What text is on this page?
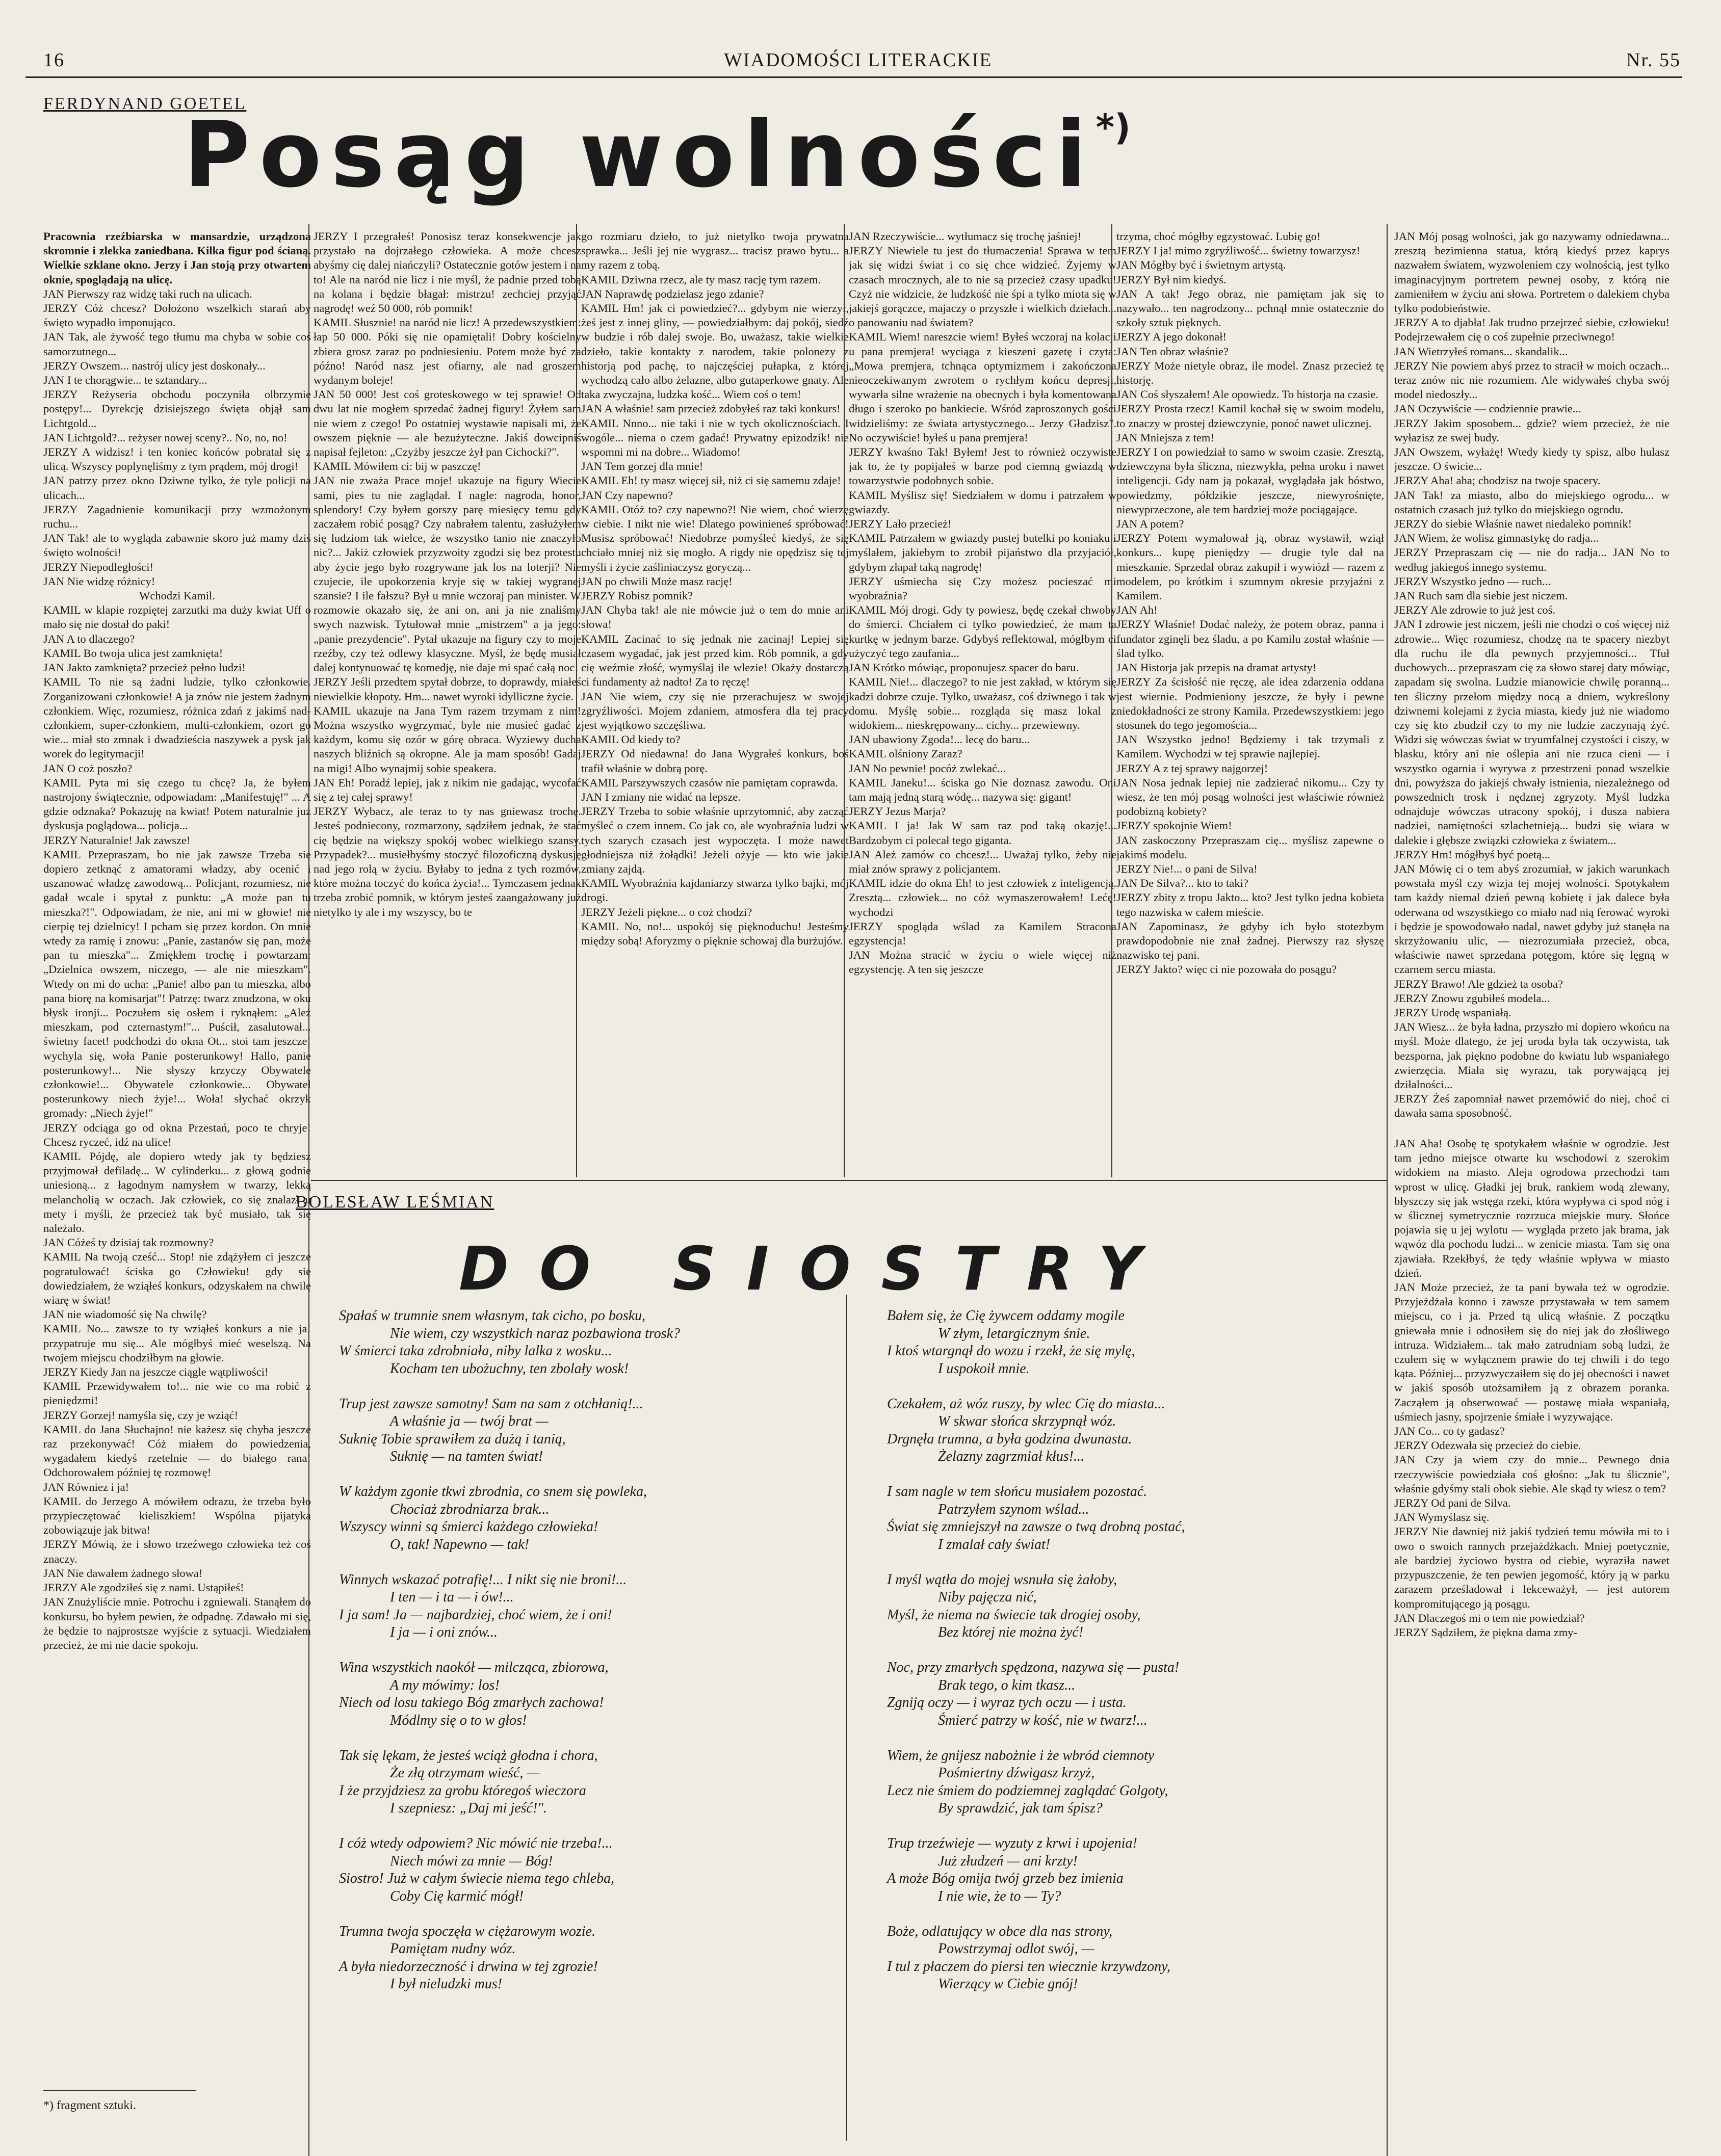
16	WIADOMOŚCI LITERACKIE	Nr. 55
FERDYNAND GOETEL
Posąg wolności*)

Pracownia rzeźbiarska w mansardzie, urządzona skromnie i zlekka zaniedbana. Kilka figur pod ścianą. Wielkie szklane okno. Jerzy i Jan stoją przy otwartem oknie, spoglądają na ulicę.

JAN Pierwszy raz widzę taki ruch na ulicach.

JERZY Cóż chcesz? Dołożono wszelkich starań aby święto wypadło imponująco.

JAN Tak, ale żywość tego tłumu ma chyba w sobie coś samorzutnego...

JERZY Owszem... nastrój ulicy jest doskonały...

JAN I te chorągwie... te sztandary...

JERZY Reżyseria obchodu poczyniła olbrzymie postępy!... Dyrekcję dzisiejszego święta objął sam Lichtgold...

JAN Lichtgold?... reżyser nowej sceny?.. No, no, no!

JERZY A widzisz! i ten koniec końców pobratał się z ulicą. Wszyscy poplynęliśmy z tym prądem, mój drogi!

JAN patrzy przez okno Dziwne tylko, że tyle policji na ulicach...

JERZY Zagadnienie komunikacji przy wzmożonym ruchu...

JAN Tak! ale to wygląda zabawnie skoro już mamy dziś święto wolności!

JERZY Niepodległości!

JAN Nie widzę różnicy!

Wchodzi Kamil.

KAMIL w klapie rozpiętej zarzutki ma duży kwiat Uff o mało się nie dostał do paki!

JAN A to dlaczego?

KAMIL Bo twoja ulica jest zamknięta!

JAN Jakto zamknięta? przecież pełno ludzi!

KAMIL To nie są żadni ludzie, tylko członkowie. Zorganizowani członkowie! A ja znów nie jestem żadnym członkiem. Więc, rozumiesz, różnica zdań z jakimś nad-członkiem, super-członkiem, multi-członkiem, ozort go wie... miał sto zmnak i dwadzieścia naszywek a pysk jak worek do legitymacji!

JAN O coż poszło?

KAMIL Pyta mi się czego tu chcę? Ja, że byłem nastrojony świątecznie, odpowiadam: „Manifestuję!" ... A gdzie odznaka? Pokazuję na kwiat! Potem naturalnie już dyskusja poglądowa... policja...

JERZY Naturalnie! Jak zawsze!

KAMIL Przepraszam, bo nie jak zawsze Trzeba się dopiero zetknąć z amatorami władzy, aby ocenić i uszanować władzę zawodową... Policjant, rozumiesz, nie gadał wcale i spytał z punktu: „A może pan tu mieszka?!". Odpowiadam, że nie, ani mi w głowie! nie cierpię tej dzielnicy! I pcham się przez kordon. On mnie wtedy za ramię i znowu: „Panie, zastanów się pan, może pan tu mieszka"... Zmiękłem trochę i powtarzam: „Dzielnica owszem, niczego, — ale nie mieszkam". Wtedy on mi do ucha: „Panie! albo pan tu mieszka, albo pana biorę na komisarjat"! Patrzę: twarz znudzona, w oku błysk ironji... Poczułem się osłem i ryknąłem: „Ależ mieszkam, pod czternastym!"... Puścił, zasalutował... świetny facet! podchodzi do okna Ot... stoi tam jeszcze! wychyla się, woła Panie posterunkowy! Hallo, panie posterunkowy!... Nie słyszy krzyczy Obywatele członkowie!... Obywatele członkowie... Obywatel posterunkowy niech żyje!... Woła! słychać okrzyk gromady: „Niech żyje!"

JERZY odciąga go od okna Przestań, poco te chryje! Chcesz ryczeć, idź na ulice!

KAMIL Pójdę, ale dopiero wtedy jak ty będziesz przyjmował defiladę... W cylinderku... z głową godnie uniesioną... z łagodnym namysłem w twarzy, lekką melancholią w oczach. Jak człowiek, co się znalazł u mety i myśli, że przecież tak być musiało, tak się należało.

JAN Cóżeś ty dzisiaj tak rozmowny?

KAMIL Na twoją cześć... Stop! nie zdążyłem ci jeszcze pogratulować! ściska go Człowieku! gdy się dowiedziałem, że wziąłeś konkurs, odzyskałem na chwilę wiarę w świat!

JAN nie wiadomość się Na chwilę?

KAMIL No... zawsze to ty wziąłeś konkurs a nie ja! przypatruje mu się... Ale mógłbyś mieć weselszą. Na twojem miejscu chodziłbym na głowie.

JERZY Kiedy Jan na jeszcze ciągle wątpliwości!

KAMIL Przewidywałem to!... nie wie co ma robić z pieniędzmi!

JERZY Gorzej! namyśla się, czy je wziąć!

KAMIL do Jana Słuchajno! nie każesz się chyba jeszcze raz przekonywać! Cóż miałem do powiedzenia, wygadałem kiedyś rzetelnie — do białego rana! Odchorowałem później tę rozmowę!

JAN Równiez i ja!

KAMIL do Jerzego A mówiłem odrazu, że trzeba było przypieczętować kieliszkiem! Wspólna pijatyka zobowiązuje jak bitwa!

JERZY Mówią, że i słowo trzeźwego człowieka też coś znaczy.

JAN Nie dawałem żadnego słowa!

JERZY Ale zgodziłeś się z nami. Ustąpiłeś!

JAN Znużyliście mnie. Potrochu i zgniewali. Stanąłem do konkursu, bo byłem pewien, że odpadnę. Zdawało mi się, że będzie to najprostsze wyjście z sytuacji. Wiedziałem przecież, że mi nie dacie spokoju.

JERZY I przegrałeś! Ponosisz teraz konsekwencje jak przystało na dojrzałego człowieka. A może chcesz abyśmy cię dalej niańczyli? Ostatecznie gotów jestem i na to! Ale na naród nie licz i nie myśl, że padnie przed tobą na kolana i będzie błagał: mistrzu! zechciej przyjąć nagrodę! weź 50 000, rób pomnik!

KAMIL Słusznie! na naród nie licz! A przedewszystkiem: łap 50 000. Póki się nie opamiętali! Dobry kościelny zbiera grosz zaraz po podniesieniu. Potem może być za późno! Naród nasz jest ofiarny, ale nad groszem wydanym boleje!

JAN 50 000! Jest coś groteskowego w tej sprawie! Od dwu lat nie mogłem sprzedać żadnej figury! Żyłem sam nie wiem z czego! Po ostatniej wystawie napisali mi, że owszem pięknie — ale bezużyteczne. Jakiś dowcipniś napisał fejleton: „Czyżby jeszcze żył pan Cichocki?".

KAMIL Mówiłem ci: bij w paszczę!

JAN nie zważa Prace moje! ukazuje na figury Wiecie sami, pies tu nie zaglądał. I nagle: nagroda, honor, splendory! Czy byłem gorszy parę miesięcy temu gdy zaczałem robić posąg? Czy nabrałem talentu, zasłużyłem się ludziom tak wielce, że wszystko tanio nie znaczyło nic?... Jakiż człowiek przyzwoity zgodzi się bez protestu aby życie jego było rozgrywane jak los na loterji? Nie czujecie, ile upokorzenia kryje się w takiej wygranej szansie? I ile fałszu? Był u mnie wczoraj pan minister. W rozmowie okazało się, że ani on, ani ja nie znaliśmy swych nazwisk. Tytułował mnie „mistrzem" a ja jego: „panie prezydencie". Pytał ukazuje na figury czy to moje rzeźby, czy też odlewy klasyczne. Myśl, że będę musiał dalej kontynuować tę komedję, nie daje mi spać całą noc!

JERZY Jeśli przedtem spytał dobrze, to doprawdy, miałeś niewielkie kłopoty. Hm... nawet wyroki idylliczne życie.

KAMIL ukazuje na Jana Tym razem trzymam z nim! Można wszystko wygrzymać, byle nie musieć gadać z każdym, komu się ozór w górę obraca. Wyziewy ducha naszych bliźnich są okropne. Ale ja mam sposób! Gadaj na migi! Albo wynajmij sobie speakera.

JAN Eh! Poradź lepiej, jak z nikim nie gadając, wycofać się z tej całej sprawy!

JERZY Wybacz, ale teraz to ty nas gniewasz trochę. Jesteś podniecony, rozmarzony, sądziłem jednak, że stać cię będzie na większy spokój wobec wielkiego szansy. Przypadek?... musiełbyśmy stoczyć filozoficzną dyskusję nad jego rolą w życiu. Byłaby to jedna z tych rozmów, które można toczyć do końca życia!... Tymczasem jednak trzeba zrobić pomnik, w którym jesteś zaangażowany już nietylko ty ale i my wszyscy, bo te

go rozmiaru dzieło, to już nietylko twoja prywatna sprawka... Jeśli jej nie wygrasz... tracisz prawo bytu... a my razem z tobą.

KAMIL Dziwna rzecz, ale ty masz rację tym razem.

JAN Naprawdę podzielasz jego zdanie?

KAMIL Hm! jak ci powiedzieć?... gdybym nie wierzył, żeś jest z innej gliny, — powiedziałbym: daj pokój, siedź w budzie i rób dalej swoje. Bo, uważasz, takie wielkie dzieło, takie kontakty z narodem, takie polonezy z historją pod pachę, to najczęściej pułapka, z której wychodzą cało albo żelazne, albo gutaperkowe gnaty. Ale taka zwyczajna, ludzka kość... Wiem coś o tem!

JAN A właśnie! sam przecież zdobyłeś raz taki konkurs!

KAMIL Nnno... nie taki i nie w tych okolicznościach. I wogóle... niema o czem gadać! Prywatny epizodzik! nie wspomni mi na dobre... Wiadomo!

JAN Tem gorzej dla mnie!

KAMIL Eh! ty masz więcej sił, niż ci się samemu zdaje!

JAN Czy napewno?

KAMIL Otóż to? czy napewno?! Nie wiem, choć wierzę w ciebie. I nikt nie wie! Dlatego powinieneś spróbować! Musisz spróbować! Niedobrze pomyśleć kiedyś, że się chciało mniej niż się mogło. A rigdy nie opędzisz się tej myśli i życie zaśliniaczysz goryczą...

JAN po chwili Może masz rację!

JERZY Robisz pomnik?

JAN Chyba tak! ale nie mówcie już o tem do mnie ani słowa!

KAMIL Zacinać to się jednak nie zacinaj! Lepiej się czasem wygadać, jak jest przed kim. Rób pomnik, a gdy cię weźmie złość, wymyślaj ile wlezie! Okaży dostarczą ci fundamenty aż nadto! Za to ręczę!

JAN Nie wiem, czy się nie przerachujesz w swojej zgryźliwości. Mojem zdaniem, atmosfera dla tej pracy jest wyjątkowo szczęśliwa.

KAMIL Od kiedy to?

JERZY Od niedawna! do Jana Wygrałeś konkurs, boś trafił właśnie w dobrą porę.

KAMIL Parszywszych czasów nie pamiętam coprawda.

JAN I zmiany nie widać na lepsze.

JERZY Trzeba to sobie właśnie uprzytomnić, aby zacząć myśleć o czem innem. Co jak co, ale wyobraźnia ludzi w tych szarych czasach jest wypoczęta. I może nawet głodniejsza niż żołądki! Jeżeli ożyje — kto wie jakie zmiany zajdą.

KAMIL Wyobraźnia kajdaniarzy stwarza tylko bajki, mój drogi.

JERZY Jeżeli piękne... o coż chodzi?

KAMIL No, no!... uspokój się pięknoduchu! Jesteśmy między sobą! Aforyzmy o pięknie schowaj dla burżujów.

JAN Rzeczywiście... wytłumacz się trochę jaśniej!

JERZY Niewiele tu jest do tłumaczenia! Sprawa w tem jak się widzi świat i co się chce widzieć. Żyjemy w czasach mrocznych, ale to nie są przecież czasy upadku! Czyż nie widzicie, że ludzkość nie śpi a tylko miota się w jakiejś gorączce, majaczy o przyszłe i wielkich dziełach... o panowaniu nad światem?

KAMIL Wiem! nareszcie wiem! Byłeś wczoraj na kolacji u pana premjera! wyciąga z kieszeni gazetę i czyta: „Mowa premjera, tchnąca optymizmem i zakończona nieoczekiwanym zwrotem o rychłym końcu depresji, wywarła silne wrażenie na obecnych i była komentowana długo i szeroko po bankiecie. Wśród zaproszonych gości widzieliśmy: ze świata artystycznego... Jerzy Gładzisz". No oczywiście! byłeś u pana premjera!

JERZY kwaśno Tak! Byłem! Jest to również oczywiste jak to, że ty popijałeś w barze pod ciemną gwiazdą w towarzystwie podobnych sobie.

KAMIL Myślisz się! Siedziałem w domu i patrzałem w gwiazdy.

JERZY Lało przecież!

KAMIL Patrzałem w gwiazdy pustej butelki po koniaku i myślałem, jakiebym to zrobił pijaństwo dla przyjaciół, gdybym złapał taką nagrodę!

JERZY uśmiecha się Czy możesz pocieszać mi wyobraźnia?

KAMIL Mój drogi. Gdy ty powiesz, będę czekał chwoby do śmierci. Chciałem ci tylko powiedzieć, że mam ta kurtkę w jednym barze. Gdybyś reflektował, mógłbym ci użyczyć tego zaufania...

JAN Krótko mówiąc, proponujesz spacer do baru.

KAMIL Nie!... dlaczego? to nie jest zakład, w którym się kadzi dobrze czuje. Tylko, uważasz, coś dziwnego i tak w domu. Myślę sobie... rozgląda się masz lokal z widokiem... nieskrępowany... cichy... przewiewny.

JAN ubawiony Zgoda!... lecę do baru...

KAMIL olśniony Zaraz?

JAN No pewnie! pocóż zwlekać...

KAMIL Janeku!... ściska go Nie doznasz zawodu. Oni tam mają jedną starą wódę... nazywa się: gigant!

JERZY Jezus Marja?

KAMIL I ja! Jak W sam raz pod taką okazję!... Bardzobym ci polecał tego giganta.

JAN Ależ zamów co chcesz!... Uważaj tylko, żeby nie miał znów sprawy z policjantem.

KAMIL idzie do okna Eh! to jest człowiek z inteligencją. Zresztą... człowiek... no cóż wymaszerowałem! Lećę! wychodzi

JERZY spogląda wślad za Kamilem Stracona egzystencja!

JAN Można stracić w życiu o wiele więcej niż egzystencję. A ten się jeszcze

trzyma, choć mógłby egzystować. Lubię go!

JERZY I ja! mimo zgryźliwość... świetny towarzysz!

JAN Mógłby być i świetnym artystą.

JERZY Był nim kiedyś.

JAN A tak! Jego obraz, nie pamiętam jak się to nazywało... ten nagrodzony... pchnął mnie ostatecznie do szkoły sztuk pięknych.

JERZY A jego dokonał!

JAN Ten obraz właśnie?

JERZY Może nietyle obraz, ile model. Znasz przecież tę historję.

JAN Coś słyszałem! Ale opowiedz. To historja na czasie.

JERZY Prosta rzecz! Kamil kochał się w swoim modelu, to znaczy w prostej dziewczynie, ponoć nawet ulicznej.

JAN Mniejsza z tem!

JERZY I on powiedział to samo w swoim czasie. Zresztą, dziewczyna była śliczna, niezwykła, pełna uroku i nawet inteligencji. Gdy nam ją pokazał, wyglądała jak bóstwo, powiedzmy, półdzikie jeszcze, niewyrośnięte, niewyprzeczone, ale tem bardziej może pociągające.

JAN A potem?

JERZY Potem wymalował ją, obraz wystawił, wziął konkurs... kupę pieniędzy — drugie tyle dał na mieszkanie. Sprzedał obraz zakupił i wywiózł — razem z modelem, po krótkim i szumnym okresie przyjaźni z Kamilem.

JAN Ah!

JERZY Właśnie! Dodać należy, że potem obraz, panna i fundator zginęli bez śladu, a po Kamilu został właśnie — ślad tylko.

JAN Historja jak przepis na dramat artysty!

JERZY Za ścisłość nie ręczę, ale idea zdarzenia oddana jest wiernie. Podmieniony jeszcze, że były i pewne niedokładności ze strony Kamila. Przedewszystkiem: jego stosunek do tego jegomościa...

JAN Wszystko jedno! Będziemy i tak trzymali z Kamilem. Wychodzi w tej sprawie najlepiej.

JERZY A z tej sprawy najgorzej!

JAN Nosa jednak lepiej nie zadzierać nikomu... Czy ty wiesz, że ten mój posąg wolności jest właściwie również podobizną kobiety?

JERZY spokojnie Wiem!

JAN zaskoczony Przepraszam cię... myślisz zapewne o jakimś modelu.

JERZY Nie!... o pani de Silva!

JAN De Silva?... kto to taki?

JERZY zbity z tropu Jakto... kto? Jest tylko jedna kobieta tego nazwiska w całem mieście.

JAN Zapominasz, że gdyby ich było stotezbym prawdopodobnie nie znał żadnej. Pierwszy raz słyszę nazwisko tej pani.

JERZY Jakto? więc ci nie pozowała do posągu?

JAN Aha! Osobę tę spotykałem właśnie w ogrodzie. Jest tam jedno miejsce otwarte ku wschodowi z szerokim widokiem na miasto. Aleja ogrodowa przechodzi tam wprost w ulicę. Gładki jej bruk, rankiem wodą zlewany, błyszczy się jak wstęga rzeki, która wypływa ci spod nóg i w ślicznej symetrycznie rozrzuca miejskie mury. Słońce pojawia się u jej wylotu — wygląda przeto jak brama, jak wąwóz dla pochodu ludzi... w zenicie miasta. Tam się ona zjawiała. Rzekłbyś, że tędy właśnie wpływa w miasto dzień.

JAN Może przecież, że ta pani bywała też w ogrodzie. Przyjeżdżała konno i zawsze przystawała w tem samem miejscu, co i ja. Przed tą ulicą właśnie. Z początku gniewała mnie i odnosiłem się do niej jak do złośliwego intruza. Widziałem... tak mało zatrudniam sobą ludzi, że czułem się w wyłącznem prawie do tej chwili i do tego kąta. Później... przyzwyczaiłem się do jej obecności i nawet w jakiś sposób utożsamiłem ją z obrazem poranka. Zacząłem ją obserwować — postawę miała wspaniałą, uśmiech jasny, spojrzenie śmiałe i wyzywające.

JAN Co... co ty gadasz?

JERZY Odezwała się przecież do ciebie.

JAN Czy ja wiem czy do mnie... Pewnego dnia rzeczywiście powiedziała coś głośno: „Jak tu ślicznie", właśnie gdyśmy stali obok siebie. Ale skąd ty wiesz o tem?

JERZY Od pani de Silva.

JAN Wymyślasz się.

JERZY Nie dawniej niż jakiś tydzień temu mówiła mi to i owo o swoich rannych przejażdżkach. Mniej poetycznie, ale bardziej życiowo bystra od ciebie, wyraziła nawet przypuszczenie, że ten pewien jegomość, który ją w parku zarazem prześladował i lekceważył, — jest autorem kompromitującego ją posągu.

JAN Dlaczegoś mi o tem nie powiedział?

JERZY Sądziłem, że piękna dama zmy-

JAN Mój posąg wolności, jak go nazywamy odniedawna... zresztą bezimienna statua, którą kiedyś przez kaprys nazwałem światem, wyzwoleniem czy wolnością, jest tylko imaginacyjnym portretem pewnej osoby, z którą nie zamieniłem w życiu ani słowa. Portretem o dalekiem chyba tylko podobieństwie.

JERZY A to djabła! Jak trudno przejrzeć siebie, człowieku! Podejrzewałem cię o coś zupełnie przeciwnego!

JAN Wietrzyłeś romans... skandalik...

JERZY Nie powiem abyś przez to stracił w moich oczach... teraz znów nic nie rozumiem. Ale widywałeś chyba swój model niedoszły...

JAN Oczywiście — codziennie prawie...

JERZY Jakim sposobem... gdzie? wiem przecież, że nie wyłazisz ze swej budy.

JAN Owszem, wyłażę! Wtedy kiedy ty spisz, albo hulasz jeszcze. O świcie...

JERZY Aha! aha; chodzisz na twoje spacery.

JAN Tak! za miasto, albo do miejskiego ogrodu... w ostatnich czasach już tylko do miejskiego ogrodu.

JERZY do siebie Właśnie nawet niedaleko pomnik!

JAN Wiem, że wolisz gimnastykę do radja...

JERZY Przepraszam cię — nie do radja... JAN No to według jakiegoś innego systemu.

JERZY Wszystko jedno — ruch...

JAN Ruch sam dla siebie jest niczem.

JERZY Ale zdrowie to już jest coś.

JAN I zdrowie jest niczem, jeśli nie chodzi o coś więcej niż zdrowie... Więc rozumiesz, chodzę na te spacery niezbyt dla ruchu ile dla pewnych przyjemności... Tfuł duchowych... przepraszam cię za słowo starej daty mówiąc, zapadam się swolna. Ludzie mianowicie chwilę poranną... ten śliczny przełom między nocą a dniem, wykreślony dziwnemi kolejami z życia miasta, kiedy już nie wiadomo czy się kto zbudził czy to my nie ludzie zaczynają żyć. Widzi się wówczas świat w tryumfalnej czystości i ciszy, w blasku, który ani nie oślepia ani nie rzuca cieni — i wszystko ogarnia i wyrywa z przestrzeni ponad wszelkie dni, powyższa do jakiejś chwały istnienia, niezależnego od powszednich trosk i nędznej zgryzoty. Myśl ludzka odnajduje wówczas utracony spokój, i dusza nabiera nadziei, namiętności szlachetnieją... budzi się wiara w dalekie i głębsze związki człowieka z światem...

JERZY Hm! mógłbyś być poetą...

JAN Mówię ci o tem abyś zrozumiał, w jakich warunkach powstała myśl czy wizja tej mojej wolności. Spotykałem tam każdy niemal dzień pewną kobietę i jak dalece była oderwana od wszystkiego co miało nad nią ferować wyroki i będzie je spowodowało nadal, nawet gdyby już stanęła na skrzyżowaniu ulic, — niezrozumiała przecież, obca, właściwie nawet sprzedana potęgom, które się lęgną w czarnem sercu miasta.

JERZY Brawo! Ale gdzież ta osoba?

JERZY Znowu zgubiłeś modela...

JERZY Urodę wspaniałą.

JAN Wiesz... że była ładna, przyszło mi dopiero wkońcu na myśl. Może dlatego, że jej uroda była tak oczywista, tak bezsporna, jak piękno podobne do kwiatu lub wspaniałego zwierzęcia. Miała się wyrazu, tak porywającą jej dziłalności...

JERZY Żeś zapomniał nawet przemówić do niej, choć ci dawała sama sposobność.

BOLESŁAW LEŚMIAN
DO SIOSTRY

Spałaś w trumnie snem własnym, tak cicho, po bosku,

Nie wiem, czy wszystkich naraz pozbawiona trosk?

W śmierci taka zdrobniała, niby lalka z wosku...

Kocham ten ubożuchny, ten zbolały wosk!

Trup jest zawsze samotny! Sam na sam z otchłanią!...

A właśnie ja — twój brat —

Suknię Tobie sprawiłem za dużą i tanią,

Suknię — na tamten świat!

W każdym zgonie tkwi zbrodnia, co snem się powleka,

Chociaż zbrodniarza brak...

Wszyscy winni są śmierci każdego człowieka!

O, tak! Napewno — tak!

Winnych wskazać potrafię!... I nikt się nie broni!...

I ten — i ta — i ów!...

I ja sam! Ja — najbardziej, choć wiem, że i oni!

I ja — i oni znów...

Wina wszystkich naokół — milcząca, zbiorowa,

A my mówimy: los!

Niech od losu takiego Bóg zmarłych zachowa!

Módlmy się o to w głos!

Tak się lękam, że jesteś wciąż głodna i chora,

Że złą otrzymam wieść, —

I że przyjdziesz za grobu któregoś wieczora

I szepniesz: „Daj mi jeść!".

I cóż wtedy odpowiem? Nic mówić nie trzeba!...

Niech mówi za mnie — Bóg!

Siostro! Już w całym świecie niema tego chleba,

Coby Cię karmić mógł!

Trumna twoja spoczęła w ciężarowym wozie.

Pamiętam nudny wóz.

A była niedorzeczność i drwina w tej zgrozie!

I był nieludzki mus!

Bałem się, że Cię żywcem oddamy mogile

W złym, letargicznym śnie.

I ktoś wtargnął do wozu i rzekł, że się mylę,

I uspokoił mnie.

Czekałem, aż wóz ruszy, by wlec Cię do miasta...

W skwar słońca skrzypnął wóz.

Drgnęła trumna, a była godzina dwunasta.

Żelazny zagrzmiał kłus!...

I sam nagle w tem słońcu musiałem pozostać.

Patrzyłem szynom wślad...

Świat się zmniejszył na zawsze o twą drobną postać,

I zmalał cały świat!

I myśl wątła do mojej wsnuła się żałoby,

Niby pajęcza nić,

Myśl, że niema na świecie tak drogiej osoby,

Bez której nie można żyć!

Noc, przy zmarłych spędzona, nazywa się — pusta!

Brak tego, o kim tkasz...

Zgniją oczy — i wyraz tych oczu — i usta.

Śmierć patrzy w kość, nie w twarz!...

Wiem, że gnijesz nabożnie i że wbród ciemnoty

Pośmiertny dźwigasz krzyż,

Lecz nie śmiem do podziemnej zaglądać Golgoty,

By sprawdzić, jak tam śpisz?

Trup trzeźwieje — wyzuty z krwi i upojenia!

Już złudzeń — ani krzty!

A może Bóg omija twój grzeb bez imienia

I nie wie, że to — Ty?

Boże, odlatujący w obce dla nas strony,

Powstrzymaj odlot swój, —

I tul z płaczem do piersi ten wiecznie krzywdzony,

Wierzący w Ciebie gnój!

*) fragment sztuki.
